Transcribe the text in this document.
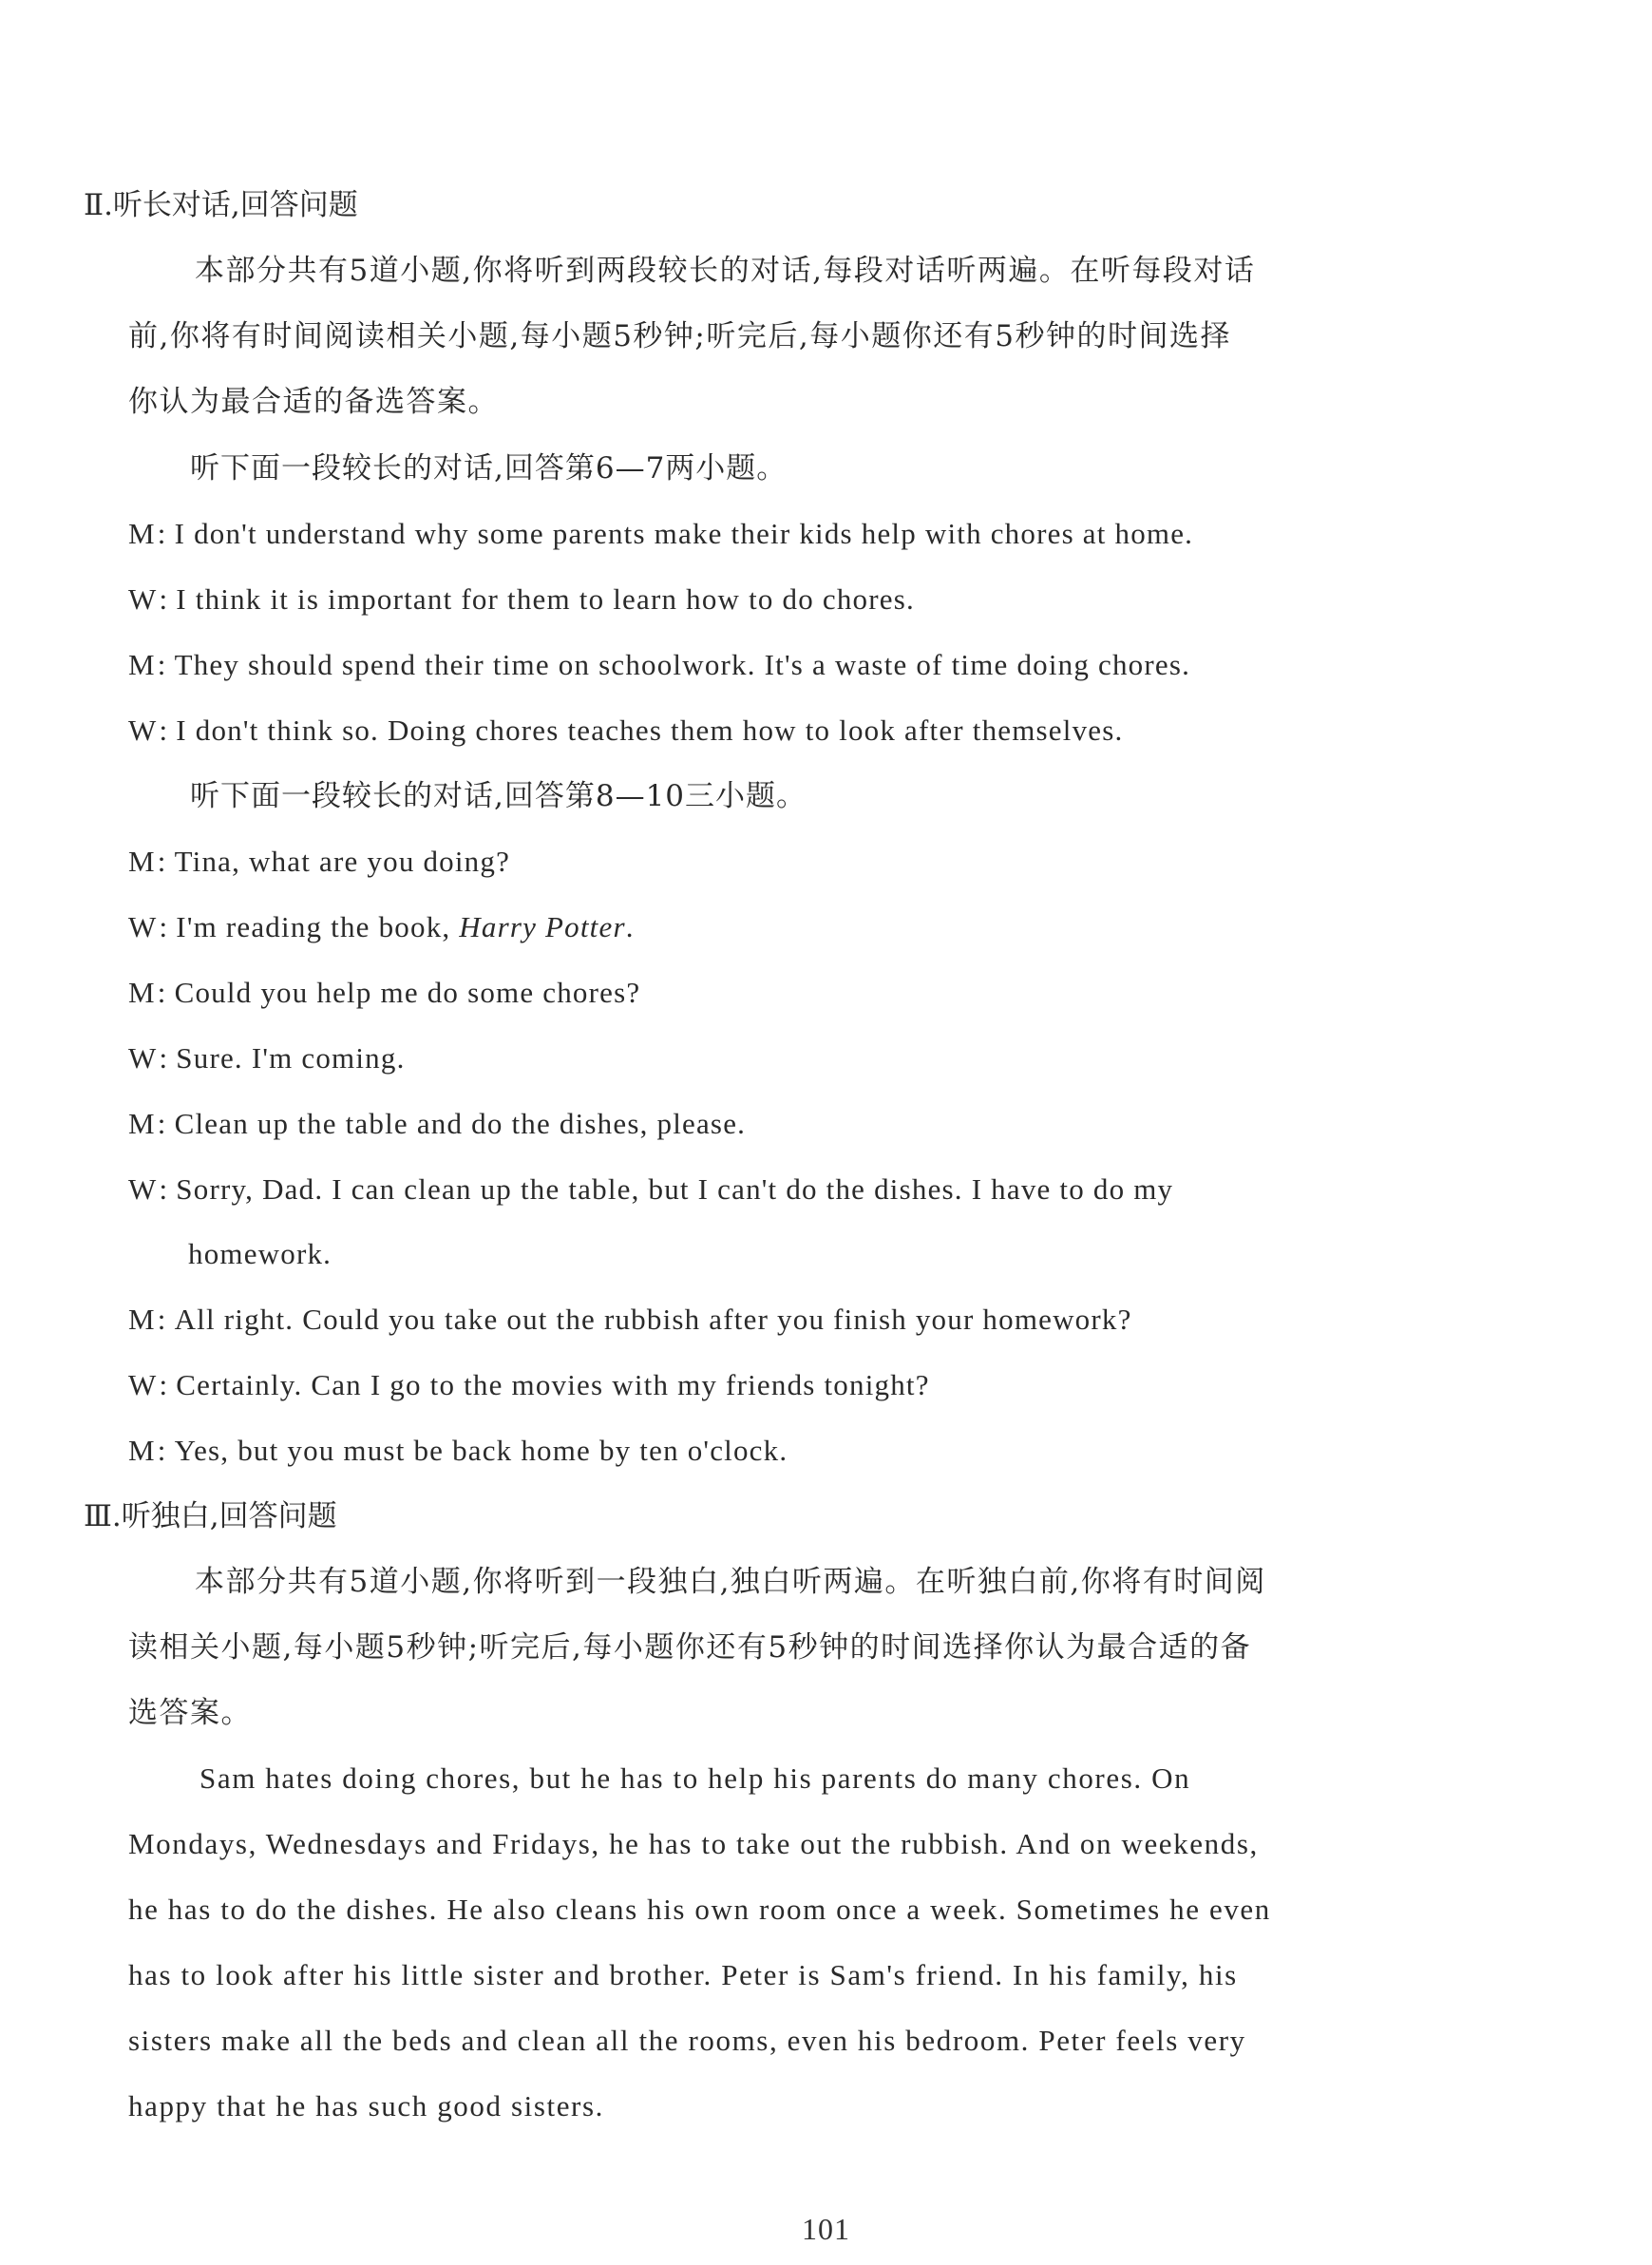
Ⅱ.听长对话,回答问题
本部分共有5道小题,你将听到两段较长的对话,每段对话听两遍。在听每段对话
前,你将有时间阅读相关小题,每小题5秒钟;听完后,每小题你还有5秒钟的时间选择
你认为最合适的备选答案。
听下面一段较长的对话,回答第6—7两小题。
M: I don't understand why some parents make their kids help with chores at home.
W: I think it is important for them to learn how to do chores.
M: They should spend their time on schoolwork. It's a waste of time doing chores.
W: I don't think so. Doing chores teaches them how to look after themselves.
听下面一段较长的对话,回答第8—10三小题。
M: Tina, what are you doing?
W: I'm reading the book, Harry Potter.
M: Could you help me do some chores?
W: Sure. I'm coming.
M: Clean up the table and do the dishes, please.
W: Sorry, Dad. I can clean up the table, but I can't do the dishes. I have to do my
homework.
M: All right. Could you take out the rubbish after you finish your homework?
W: Certainly. Can I go to the movies with my friends tonight?
M: Yes, but you must be back home by ten o'clock.
Ⅲ.听独白,回答问题
本部分共有5道小题,你将听到一段独白,独白听两遍。在听独白前,你将有时间阅
读相关小题,每小题5秒钟;听完后,每小题你还有5秒钟的时间选择你认为最合适的备
选答案。
Sam hates doing chores, but he has to help his parents do many chores. On
Mondays, Wednesdays and Fridays, he has to take out the rubbish. And on weekends,
he has to do the dishes. He also cleans his own room once a week. Sometimes he even
has to look after his little sister and brother. Peter is Sam's friend. In his family, his
sisters make all the beds and clean all the rooms, even his bedroom. Peter feels very
happy that he has such good sisters.
101
